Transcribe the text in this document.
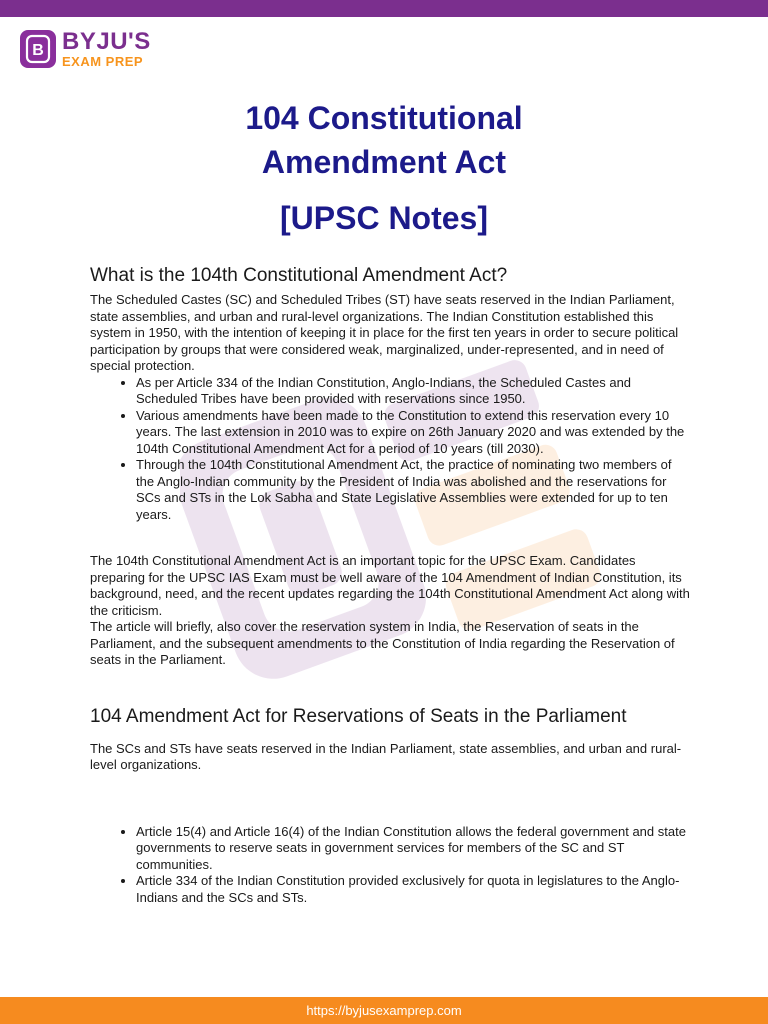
B BYJU'S
EXAM PREP
104 Constitutional
Amendment Act
[UPSC Notes]
What is the 104th Constitutional Amendment Act?

The Scheduled Castes (SC) and Scheduled Tribes (ST) have seats reserved in the Indian Parliament, state assemblies, and urban and rural-level organizations. The Indian Constitution established this system in 1950, with the intention of keeping it in place for the first ten years in order to secure political participation by groups that were considered weak, marginalized, under-represented, and in need of special protection.

• As per Article 334 of the Indian Constitution, Anglo-Indians, the Scheduled Castes and Scheduled Tribes have been provided with reservations since 1950.
• Various amendments have been made to the Constitution to extend this reservation every 10 years. The last extension in 2010 was to expire on 26th January 2020 and was extended by the 104th Constitutional Amendment Act for a period of 10 years (till 2030).
• Through the 104th Constitutional Amendment Act, the practice of nominating two members of the Anglo-Indian community by the President of India was abolished and the reservations for SCs and STs in the Lok Sabha and State Legislative Assemblies were extended for up to ten years.

The 104th Constitutional Amendment Act is an important topic for the UPSC Exam. Candidates preparing for the UPSC IAS Exam must be well aware of the 104 Amendment of Indian Constitution, its background, need, and the recent updates regarding the 104th Constitutional Amendment Act along with the criticism.

The article will briefly, also cover the reservation system in India, the Reservation of seats in the Parliament, and the subsequent amendments to the Constitution of India regarding the Reservation of seats in the Parliament.

104 Amendment Act for Reservations of Seats in the Parliament

The SCs and STs have seats reserved in the Indian Parliament, state assemblies, and urban and rural-level organizations.

• Article 15(4) and Article 16(4) of the Indian Constitution allows the federal government and state governments to reserve seats in government services for members of the SC and ST communities.
• Article 334 of the Indian Constitution provided exclusively for quota in legislatures to the Anglo-Indians and the SCs and STs.
https://byjusexamprep.com
